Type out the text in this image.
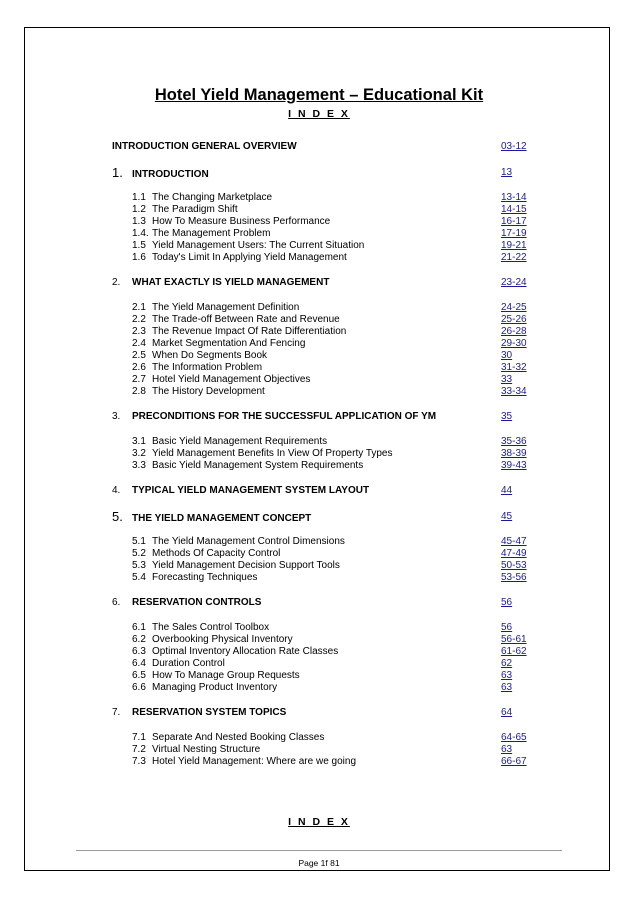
Hotel Yield Management – Educational Kit
I N D E X
INTRODUCTION GENERAL OVERVIEW	03-12
1. INTRODUCTION	13
1.1 The Changing Marketplace	13-14
1.2 The Paradigm Shift	14-15
1.3 How To Measure Business Performance	16-17
1.4. The Management Problem	17-19
1.5 Yield Management Users: The Current Situation	19-21
1.6 Today's Limit In Applying Yield Management	21-22
2. WHAT EXACTLY IS YIELD MANAGEMENT	23-24
2.1 The Yield Management Definition	24-25
2.2 The Trade-off Between Rate and Revenue	25-26
2.3 The Revenue Impact Of Rate Differentiation	26-28
2.4 Market Segmentation And Fencing	29-30
2.5 When Do Segments Book	30
2.6 The Information Problem	31-32
2.7 Hotel Yield Management Objectives	33
2.8 The History Development	33-34
3. PRECONDITIONS FOR THE SUCCESSFUL APPLICATION OF YM	35
3.1 Basic Yield Management Requirements	35-36
3.2 Yield Management Benefits In View Of Property Types	38-39
3.3 Basic Yield Management System Requirements	39-43
4. TYPICAL YIELD MANAGEMENT SYSTEM LAYOUT	44
5. THE YIELD MANAGEMENT CONCEPT	45
5.1 The Yield Management Control Dimensions	45-47
5.2 Methods Of Capacity Control	47-49
5.3 Yield Management Decision Support Tools	50-53
5.4 Forecasting Techniques	53-56
6. RESERVATION CONTROLS	56
6.1 The Sales Control Toolbox	56
6.2 Overbooking Physical Inventory	56-61
6.3 Optimal Inventory Allocation Rate Classes	61-62
6.4 Duration Control	62
6.5 How To Manage Group Requests	63
6.6 Managing Product Inventory	63
7. RESERVATION SYSTEM TOPICS	64
7.1 Separate And Nested Booking Classes	64-65
7.2 Virtual Nesting Structure	63
7.3 Hotel Yield Management: Where are we going	66-67
I N D E X
Page 1f 81
